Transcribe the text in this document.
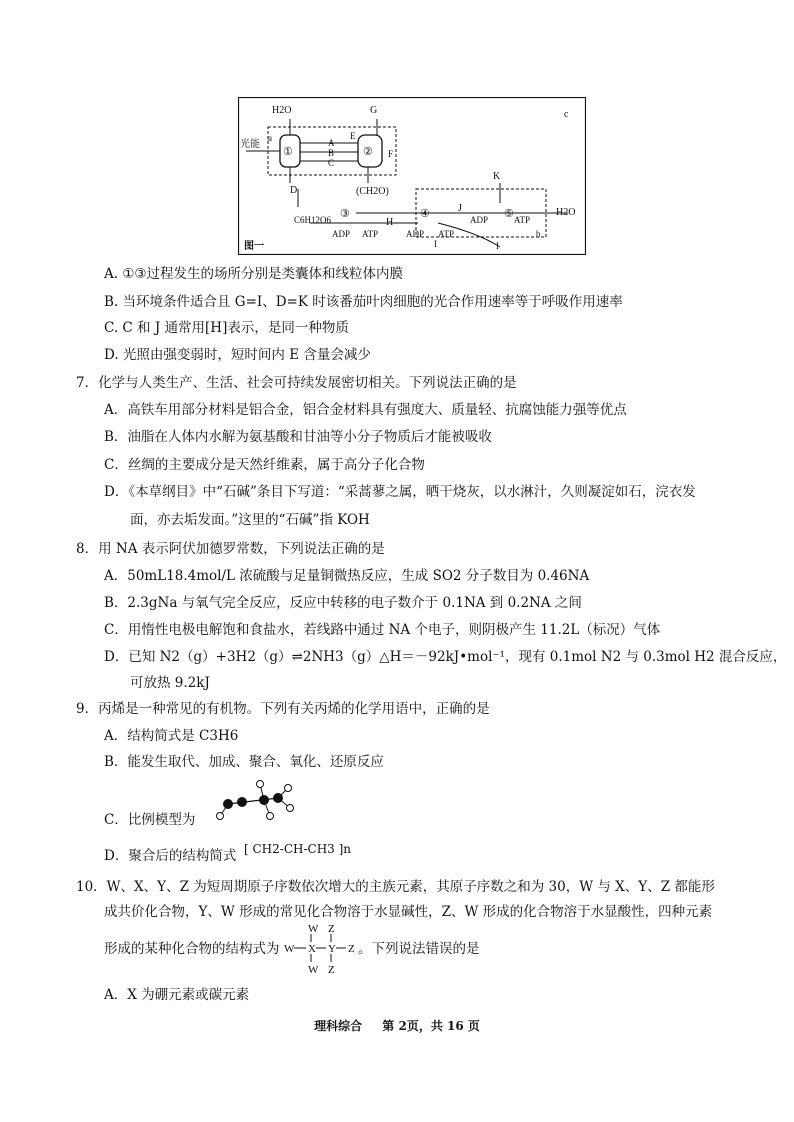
H2O	G	c
光能
a
①	②
E
A
B
C
F
D	(CH2O)
K
C6H12O6 ③
H
④	J	⑤
ADP	ATP
H2O
ADP ATP	ADP ATP	b
I	I
图一
A. ①③过程发生的场所分别是类囊体和线粒体内膜
B. 当环境条件适合且 G=I、D=K 时该番茄叶肉细胞的光合作用速率等于呼吸作用速率
C. C 和 J 通常用[H]表示，是同一种物质
D. 光照由强变弱时，短时间内 E 含量会减少
7．化学与人类生产、生活、社会可持续发展密切相关。下列说法正确的是
A．高铁车用部分材料是铝合金，铝合金材料具有强度大、质量轻、抗腐蚀能力强等优点
B．油脂在人体内水解为氨基酸和甘油等小分子物质后才能被吸收
C．丝绸的主要成分是天然纤维素，属于高分子化合物
D．《本草纲目》中“石碱”条目下写道：“采蒿蓼之属，晒干烧灰，以水淋汁，久则凝淀如石，浣衣发
面，亦去垢发面。”这里的“石碱”指 KOH
8．用 NA 表示阿伏加德罗常数，下列说法正确的是
A．50mL18.4mol/L 浓硫酸与足量铜微热反应，生成 SO2 分子数目为 0.46NA
B．2.3gNa 与氧气完全反应，反应中转移的电子数介于 0.1NA 到 0.2NA 之间
C．用惰性电极电解饱和食盐水，若线路中通过 NA 个电子，则阴极产生 11.2L（标况）气体
D．已知 N2（g）+3H2（g）⇌2NH3（g）△H＝－92kJ•mol⁻¹，现有 0.1mol N2 与 0.3mol H2 混合反应，
可放热 9.2kJ
9．丙烯是一种常见的有机物。下列有关丙烯的化学用语中，正确的是
A．结构简式是 C3H6
B．能发生取代、加成、聚合、氧化、还原反应
C．比例模型为
D．聚合后的结构简式 [ CH2-CH-CH3 ]n
10．W、X、Y、Z 为短周期原子序数依次增大的主族元素，其原子序数之和为 30，W 与 X、Y、Z 都能形
成共价化合物，Y、W 形成的常见化合物溶于水显碱性，Z、W 形成的化合物溶于水显酸性，四种元素
形成的某种化合物的结构式为
W Z
W X Y Z
W Z
。下列说法错误的是
A．X 为硼元素或碳元素
理科综合 第 2页，共 16 页
